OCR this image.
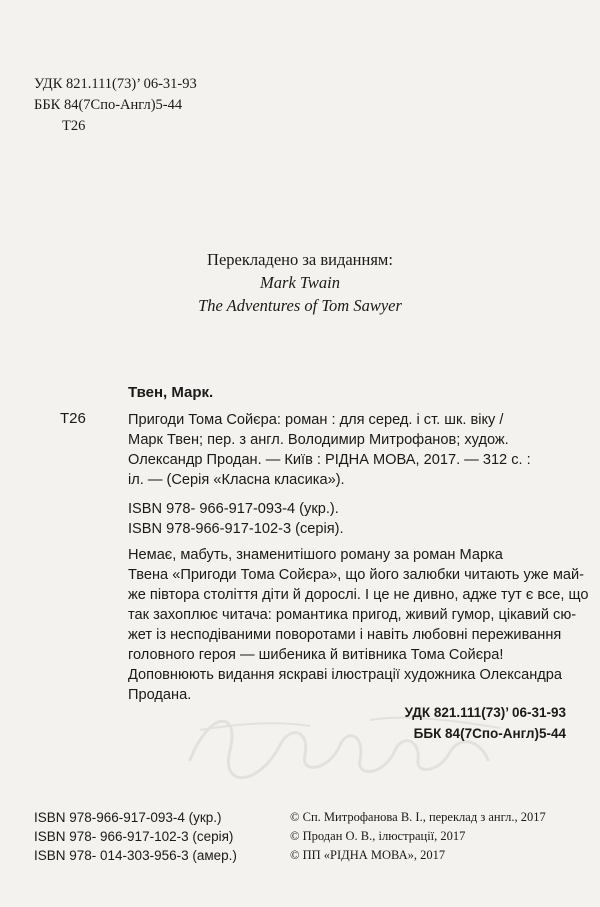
УДК 821.111(73)’ 06-31-93
ББК 84(7Спо-Англ)5-44
Т26
Перекладено за виданням:
Mark Twain
The Adventures of Tom Sawyer
Твен, Марк.
Т26	Пригоди Тома Сойєра: роман : для серед. і ст. шк. віку /
Марк Твен; пер. з англ. Володимир Митрофанов; худож.
Олександр Продан. — Київ : РІДНА МОВА, 2017. — 312 с. :
іл. — (Серія «Класна класика»).
ISBN 978- 966-917-093-4 (укр.).
ISBN 978-966-917-102-3 (серія).
Немає, мабуть, знаменитішого роману за роман Марка
Твена «Пригоди Тома Сойєра», що його залюбки читають уже май-
же півтора століття діти й дорослі. І це не дивно, адже тут є все, що
так захоплює читача: романтика пригод, живий гумор, цікавий сю-
жет із несподіваними поворотами і навіть любовні переживання
головного героя — шибеника й витівника Тома Сойєра!
Доповнюють видання яскраві ілюстрації художника Олександра
Продана.
УДК 821.111(73)’ 06-31-93
ББК 84(7Спо-Англ)5-44
ISBN 978-966-917-093-4 (укр.)
ISBN 978- 966-917-102-3 (серія)
ISBN 978- 014-303-956-3 (амер.)
© Сп. Митрофанова В. І., переклад з англ., 2017
© Продан О. В., ілюстрації, 2017
© ПП «РІДНА МОВА», 2017
